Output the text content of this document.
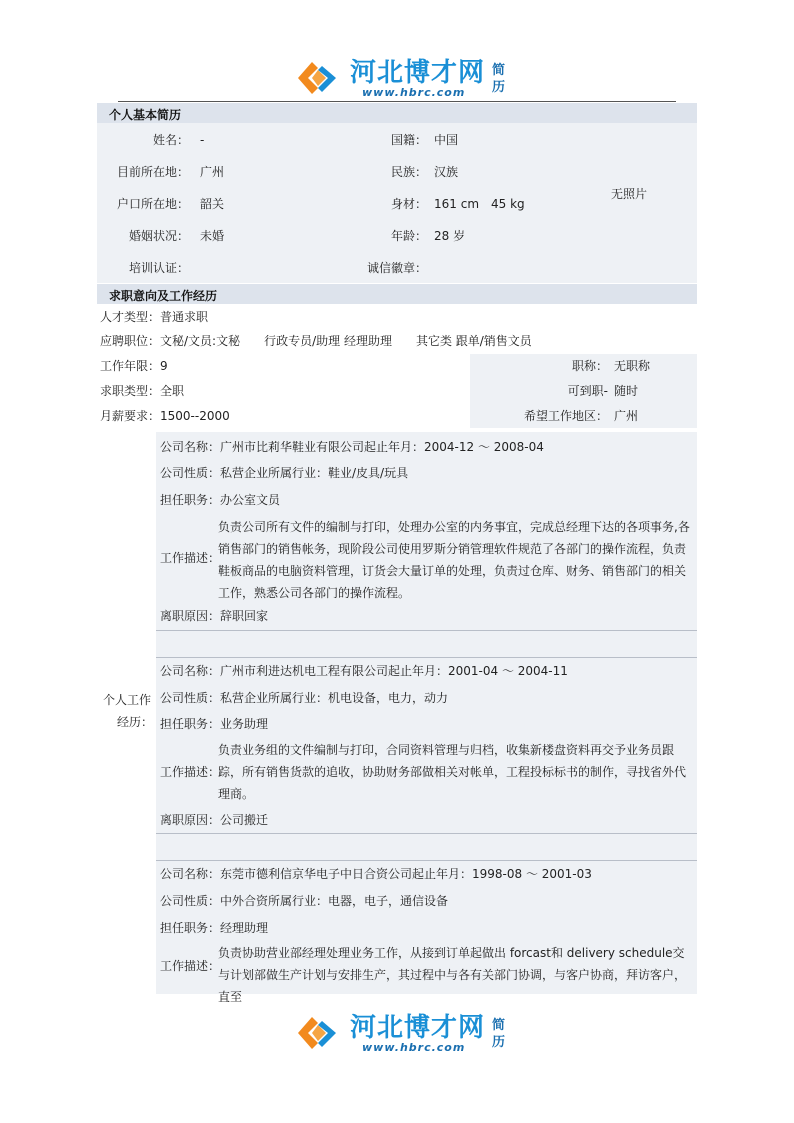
河北博才网
www.hbrc.com
简历
个人基本简历
姓名： -	国籍： 中国
目前所在地： 广州	民族： 汉族
户口所在地： 韶关	身材： 161 cm　45 kg
婚姻状况： 未婚	年龄： 28 岁
培训认证：	诚信徽章：
无照片
求职意向及工作经历
人才类型： 普通求职
应聘职位： 文秘/文员:文秘　　行政专员/助理 经理助理　　其它类 跟单/销售文员
工作年限： 9	职称： 无职称
求职类型： 全职	可到职- 随时
月薪要求： 1500--2000	希望工作地区： 广州
个人工作
经历：
公司名称：广州市比莉华鞋业有限公司起止年月：2004-12 ～ 2008-04
公司性质：私营企业所属行业：鞋业/皮具/玩具
担任职务： 办公室文员
工作描述：
负责公司所有文件的编制与打印，处理办公室的内务事宜，完成总经理下达的各项事务,各销售部门的销售帐务，现阶段公司使用罗斯分销管理软件规范了各部门的操作流程，负责鞋板商品的电脑资料管理，订货会大量订单的处理，负责过仓库、财务、销售部门的相关工作，熟悉公司各部门的操作流程。
离职原因： 辞职回家
公司名称：广州市利进达机电工程有限公司起止年月：2001-04 ～ 2004-11
公司性质：私营企业所属行业：机电设备，电力，动力
担任职务： 业务助理
工作描述：
负责业务组的文件编制与打印，合同资料管理与归档，收集新楼盘资料再交予业务员跟踪，所有销售货款的追收，协助财务部做相关对帐单，工程投标标书的制作，寻找省外代理商。
离职原因： 公司搬迁
公司名称：东莞市德利信京华电子中日合资公司起止年月：1998-08 ～ 2001-03
公司性质：中外合资所属行业：电器，电子，通信设备
担任职务： 经理助理
工作描述：
负责协助营业部经理处理业务工作，从接到订单起做出 forcast和 delivery schedule交与计划部做生产计划与安排生产，其过程中与各有关部门协调，与客户协商，拜访客户，直至
河北博才网
www.hbrc.com
简历
